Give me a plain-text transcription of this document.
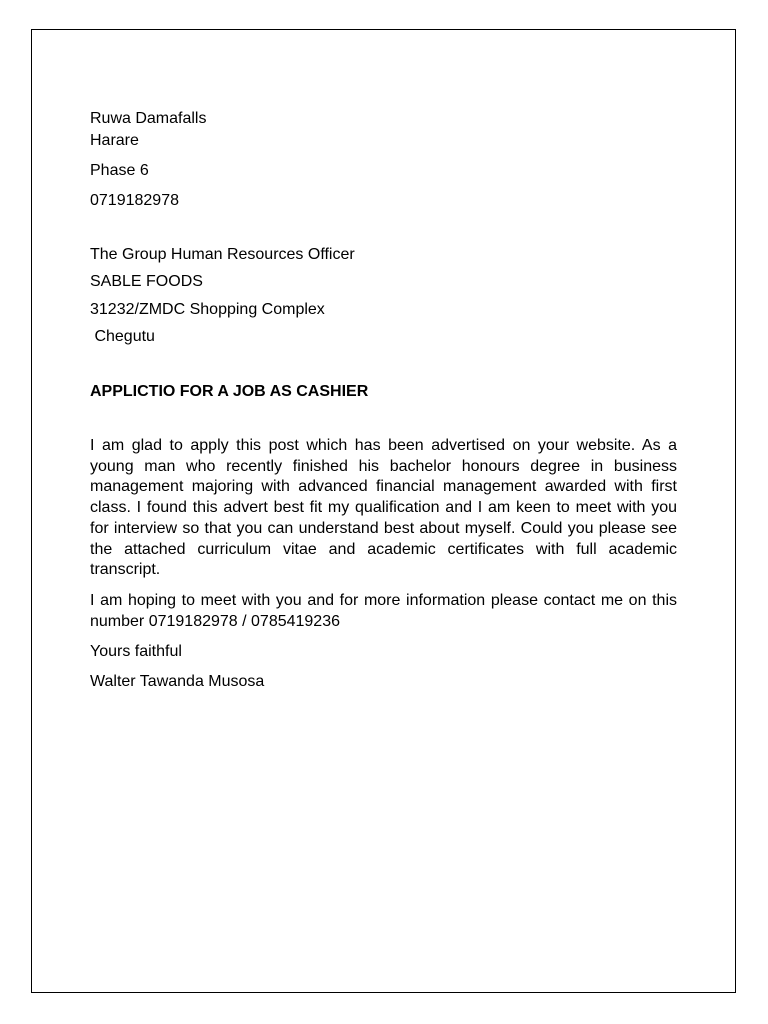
Ruwa Damafalls
Harare
Phase 6
0719182978
The Group Human Resources Officer
SABLE FOODS
31232/ZMDC Shopping Complex
Chegutu
APPLICTIO FOR A JOB AS CASHIER
I am glad to apply this post which has been advertised on your website. As a young man who recently finished his bachelor honours degree in business management majoring with advanced financial management awarded with first class. I found this advert best fit my qualification and I am keen to meet with you for interview so that you can understand best about myself. Could you please see the attached curriculum vitae and academic certificates with full academic transcript.
I am hoping to meet with you and for more information please contact me on this number 0719182978 / 0785419236
Yours faithful
Walter Tawanda Musosa
